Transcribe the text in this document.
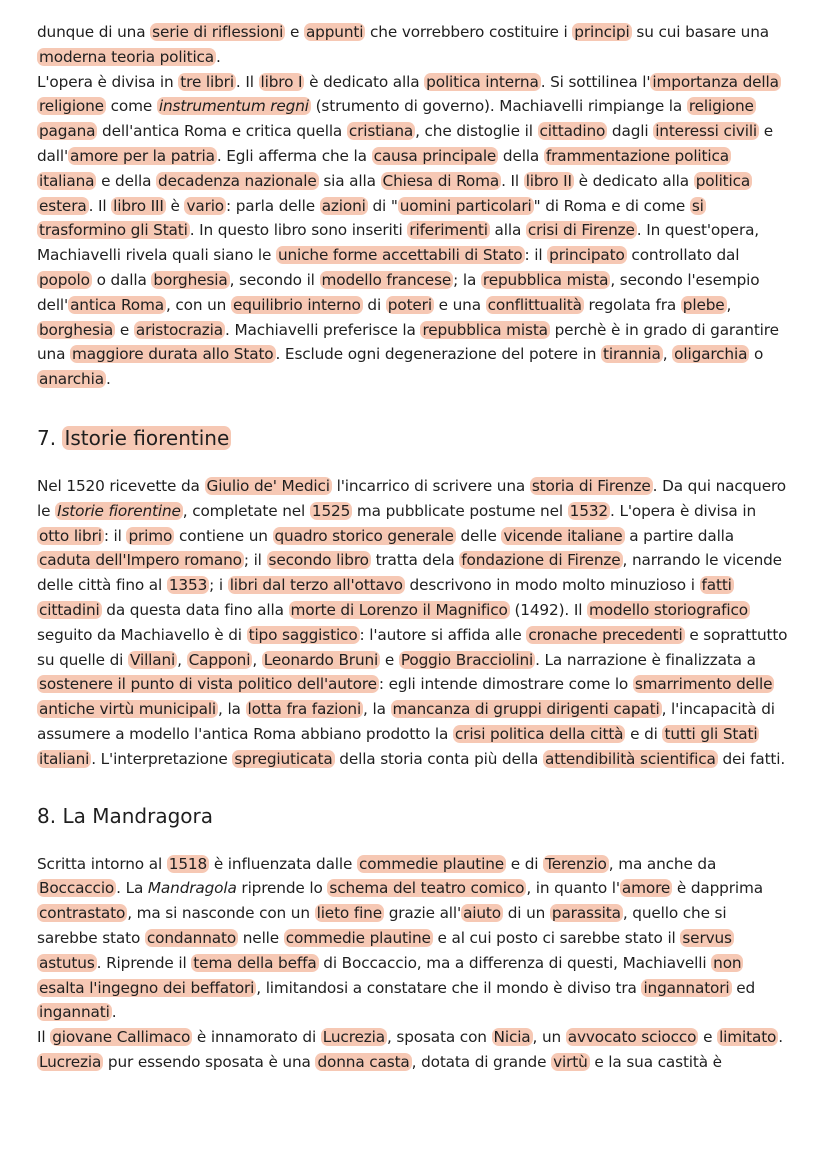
dunque di una serie di riflessioni e appunti che vorrebbero costituire i principi su cui basare una moderna teoria politica .

L'opera è divisa in tre libri . Il libro I è dedicato alla politica interna . Si sottilinea l' importanza della religione come instrumentum regni (strumento di governo). Machiavelli rimpiange la religione pagana dell'antica Roma e critica quella cristiana , che distoglie il cittadino dagli interessi civili e dall' amore per la patria . Egli afferma che la causa principale della frammentazione politica italiana e della decadenza nazionale sia alla Chiesa di Roma . Il libro II è dedicato alla politica estera . Il libro III è vario : parla delle azioni di " uomini particolari " di Roma e di come si trasformino gli Stati . In questo libro sono inseriti riferimenti alla crisi di Firenze . In quest'opera, Machiavelli rivela quali siano le uniche forme accettabili di Stato : il principato controllato dal popolo o dalla borghesia , secondo il modello francese ; la repubblica mista , secondo l'esempio dell' antica Roma , con un equilibrio interno di poteri e una conflittualità regolata fra plebe , borghesia e aristocrazia . Machiavelli preferisce la repubblica mista perchè è in grado di garantire una maggiore durata allo Stato . Esclude ogni degenerazione del potere in tirannia , oligarchia o anarchia .

7. Istorie fiorentine

Nel 1520 ricevette da Giulio de' Medici l'incarrico di scrivere una storia di Firenze . Da qui nacquero le Istorie fiorentine , completate nel 1525 ma pubblicate postume nel 1532 . L'opera è divisa in otto libri : il primo contiene un quadro storico generale delle vicende italiane a partire dalla caduta dell'Impero romano ; il secondo libro tratta dela fondazione di Firenze , narrando le vicende delle città fino al 1353 ; i libri dal terzo all'ottavo descrivono in modo molto minuzioso i fatti cittadini da questa data fino alla morte di Lorenzo il Magnifico (1492). Il modello storiografico seguito da Machiavello è di tipo saggistico : l'autore si affida alle cronache precedenti e soprattutto su quelle di Villani , Capponi , Leonardo Bruni e Poggio Bracciolini . La narrazione è finalizzata a sostenere il punto di vista politico dell'autore : egli intende dimostrare come lo smarrimento delle antiche virtù municipali , la lotta fra fazioni , la mancanza di gruppi dirigenti capati , l'incapacità di assumere a modello l'antica Roma abbiano prodotto la crisi politica della città e di tutti gli Stati italiani . L'interpretazione spregiuticata della storia conta più della attendibilità scientifica dei fatti.

8. La Mandragora

Scritta intorno al 1518 è influenzata dalle commedie plautine e di Terenzio , ma anche da Boccaccio . La Mandragola riprende lo schema del teatro comico , in quanto l' amore è dapprima contrastato , ma si nasconde con un lieto fine grazie all' aiuto di un parassita , quello che si sarebbe stato condannato nelle commedie plautine e al cui posto ci sarebbe stato il servus astutus . Riprende il tema della beffa di Boccaccio, ma a differenza di questi, Machiavelli non esalta l'ingegno dei beffatori , limitandosi a constatare che il mondo è diviso tra ingannatori ed ingannati .

Il giovane Callimaco è innamorato di Lucrezia , sposata con Nicia , un avvocato sciocco e limitato .

Lucrezia pur essendo sposata è una donna casta , dotata di grande virtù e la sua castità è
